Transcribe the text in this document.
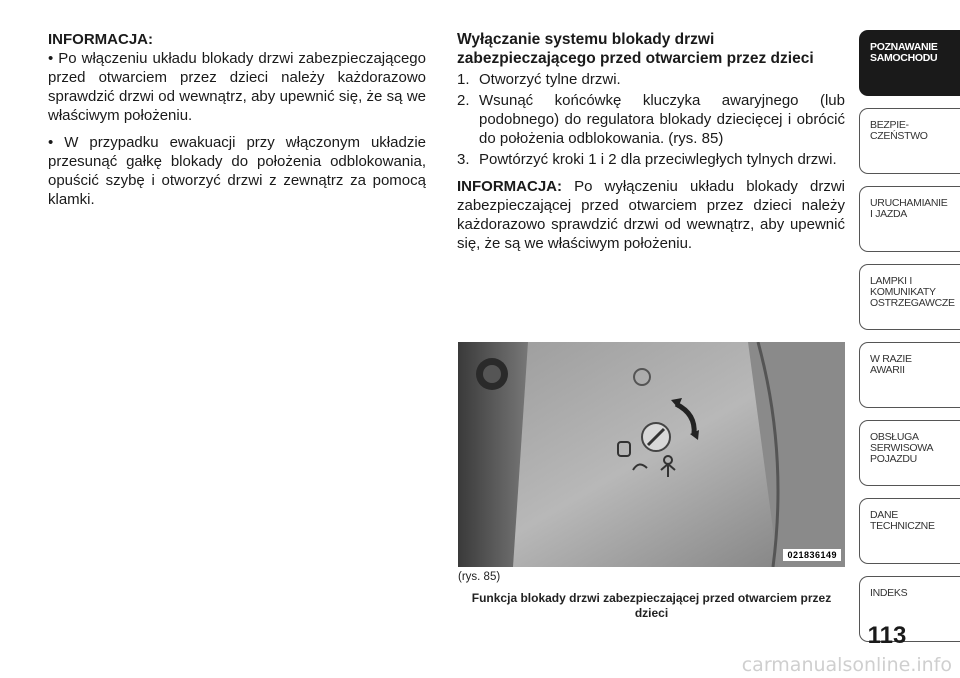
INFORMACJA:

• Po włączeniu układu blokady drzwi zabezpieczającego przed otwarciem przez dzieci należy każdorazowo sprawdzić drzwi od wewnątrz, aby upewnić się, że są we właściwym położeniu.

• W przypadku ewakuacji przy włączonym układzie przesunąć gałkę blokady do położenia odblokowania, opuścić szybę i otworzyć drzwi z zewnątrz za pomocą klamki.

Wyłączanie systemu blokady drzwi zabezpieczającego przed otwarciem przez dzieci

1. Otworzyć tylne drzwi.
2. Wsunąć końcówkę kluczyka awaryjnego (lub podobnego) do regulatora blokady dziecięcej i obrócić do położenia odblokowania. (rys. 85)
3. Powtórzyć kroki 1 i 2 dla przeciwległych tylnych drzwi.

INFORMACJA: Po wyłączeniu układu blokady drzwi zabezpieczającej przed otwarciem przez dzieci należy każdorazowo sprawdzić drzwi od wewnątrz, aby upewnić się, że są we właściwym położeniu.

021836149
(rys. 85)
Funkcja blokady drzwi zabezpieczającej przed otwarciem przez dzieci
POZNAWANIE
SAMOCHODU
BEZPIE-
CZEŃSTWO
URUCHAMIANIE
I JAZDA
LAMPKI I
KOMUNIKATY
OSTRZEGAWCZE
W RAZIE
AWARII
OBSŁUGA
SERWISOWA
POJAZDU
DANE
TECHNICZNE
INDEKS
113
carmanualsonline.info
